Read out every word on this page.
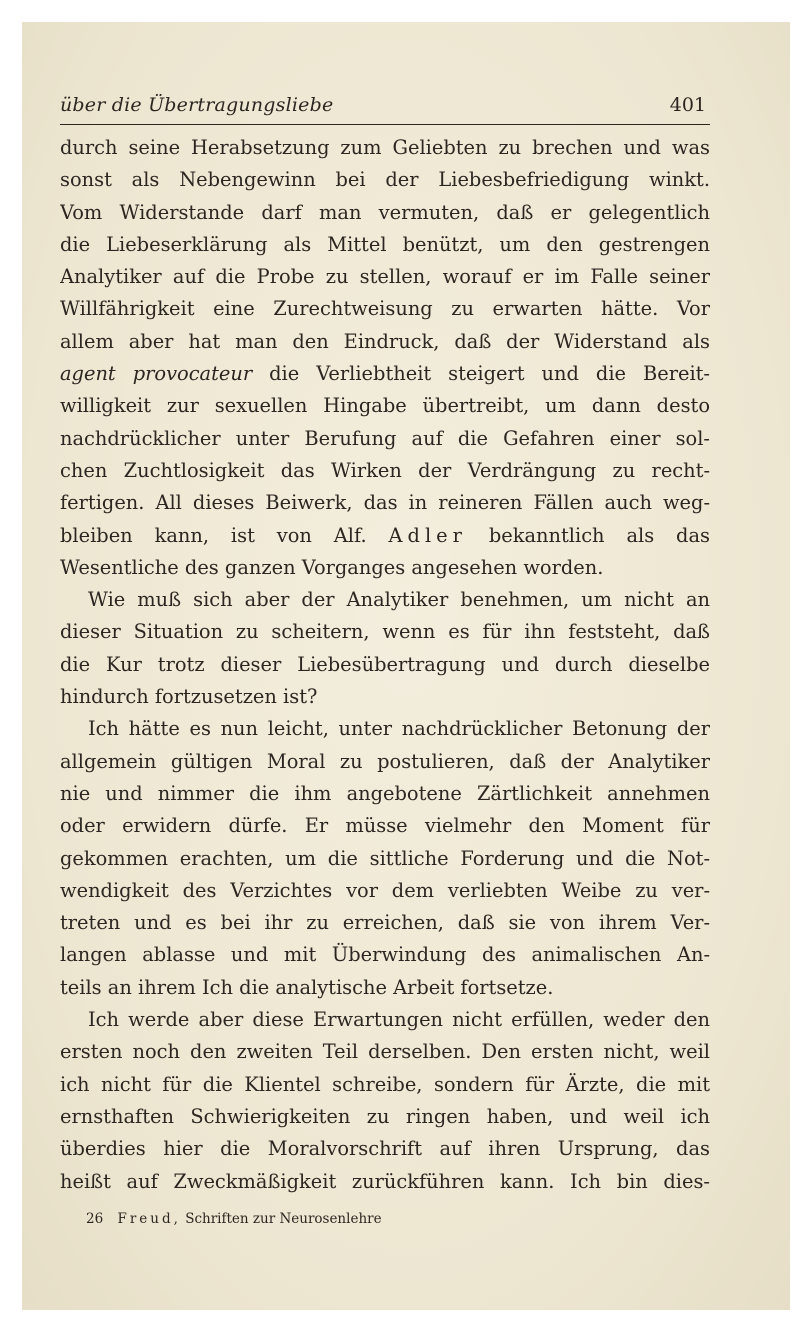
über die Übertragungsliebe	401
durch seine Herabsetzung zum Geliebten zu brechen und was
sonst als Nebengewinn bei der Liebesbefriedigung winkt.
Vom Widerstande darf man vermuten, daß er gelegentlich
die Liebeserklärung als Mittel benützt, um den gestrengen
Analytiker auf die Probe zu stellen, worauf er im Falle seiner
Willfährigkeit eine Zurechtweisung zu erwarten hätte. Vor
allem aber hat man den Eindruck, daß der Widerstand als
agent provocateur die Verliebtheit steigert und die Bereit-
willigkeit zur sexuellen Hingabe übertreibt, um dann desto
nachdrücklicher unter Berufung auf die Gefahren einer sol-
chen Zuchtlosigkeit das Wirken der Verdrängung zu recht-
fertigen. All dieses Beiwerk, das in reineren Fällen auch weg-
bleiben kann, ist von Alf. Adler bekanntlich als das
Wesentliche des ganzen Vorganges angesehen worden.
Wie muß sich aber der Analytiker benehmen, um nicht an
dieser Situation zu scheitern, wenn es für ihn feststeht, daß
die Kur trotz dieser Liebesübertragung und durch dieselbe
hindurch fortzusetzen ist?
Ich hätte es nun leicht, unter nachdrücklicher Betonung der
allgemein gültigen Moral zu postulieren, daß der Analytiker
nie und nimmer die ihm angebotene Zärtlichkeit annehmen
oder erwidern dürfe. Er müsse vielmehr den Moment für
gekommen erachten, um die sittliche Forderung und die Not-
wendigkeit des Verzichtes vor dem verliebten Weibe zu ver-
treten und es bei ihr zu erreichen, daß sie von ihrem Ver-
langen ablasse und mit Überwindung des animalischen An-
teils an ihrem Ich die analytische Arbeit fortsetze.
Ich werde aber diese Erwartungen nicht erfüllen, weder den
ersten noch den zweiten Teil derselben. Den ersten nicht, weil
ich nicht für die Klientel schreibe, sondern für Ärzte, die mit
ernsthaften Schwierigkeiten zu ringen haben, und weil ich
überdies hier die Moralvorschrift auf ihren Ursprung, das
heißt auf Zweckmäßigkeit zurückführen kann. Ich bin dies-
26 Freud, Schriften zur Neurosenlehre
